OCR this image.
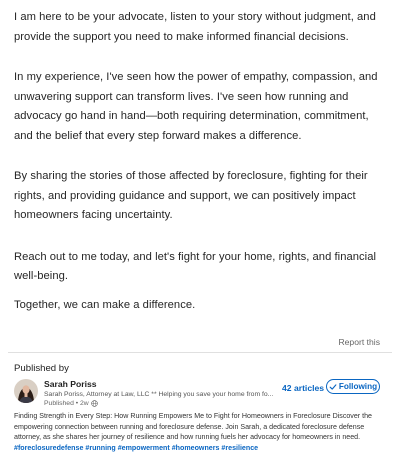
I am here to be your advocate, listen to your story without judgment, and provide the support you need to make informed financial decisions.

In my experience, I've seen how the power of empathy, compassion, and unwavering support can transform lives. I've seen how running and advocacy go hand in hand—both requiring determination, commitment, and the belief that every step forward makes a difference.

By sharing the stories of those affected by foreclosure, fighting for their rights, and providing guidance and support, we can positively impact homeowners facing uncertainty.

Reach out to me today, and let's fight for your home, rights, and financial well-being.

Together, we can make a difference.

Report this
Published by
Sarah Poriss
Sarah Poriss, Attorney at Law, LLC ** Helping you save your home from fo...
Published • 2w
42 articles Following
Finding Strength in Every Step: How Running Empowers Me to Fight for Homeowners in Foreclosure Discover the empowering connection between running and foreclosure defense. Join Sarah, a dedicated foreclosure defense attorney, as she shares her journey of resilience and how running fuels her advocacy for homeowners in need. #foreclosuredefense #running #empowerment #homeowners #resilience
